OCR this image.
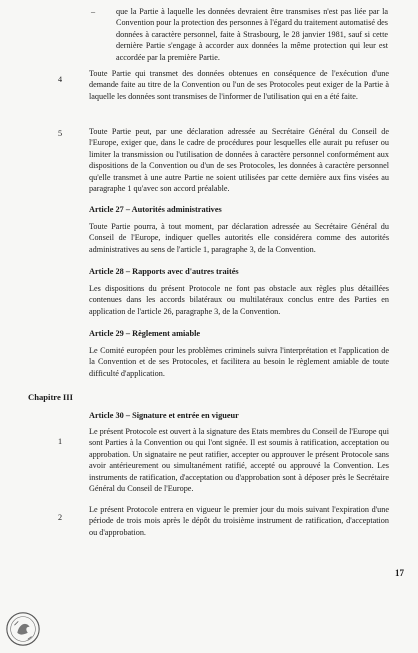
–	que la Partie à laquelle les données devraient être transmises n'est pas liée par la Convention pour la protection des personnes à l'égard du traitement automatisé des données à caractère personnel, faite à Strasbourg, le 28 janvier 1981, sauf si cette dernière Partie s'engage à accorder aux données la même protection qui leur est accordée par la première Partie.
4
Toute Partie qui transmet des données obtenues en conséquence de l'exécution d'une demande faite au titre de la Convention ou l'un de ses Protocoles peut exiger de la Partie à laquelle les données sont transmises de l'informer de l'utilisation qui en a été faite.
5	Toute Partie peut, par une déclaration adressée au Secrétaire Général du Conseil de l'Europe, exiger que, dans le cadre de procédures pour lesquelles elle aurait pu refuser ou limiter la transmission ou l'utilisation de données à caractère personnel conformément aux dispositions de la Convention ou d'un de ses Protocoles, les données à caractère personnel qu'elle transmet à une autre Partie ne soient utilisées par cette dernière aux fins visées au paragraphe 1 qu'avec son accord préalable.
Article 27 – Autorités administratives
Toute Partie pourra, à tout moment, par déclaration adressée au Secrétaire Général du Conseil de l'Europe, indiquer quelles autorités elle considérera comme des autorités administratives au sens de l'article 1, paragraphe 3, de la Convention.
Article 28 – Rapports avec d'autres traités
Les dispositions du présent Protocole ne font pas obstacle aux règles plus détaillées contenues dans les accords bilatéraux ou multilatéraux conclus entre des Parties en application de l'article 26, paragraphe 3, de la Convention.
Article 29 – Règlement amiable
Le Comité européen pour les problèmes criminels suivra l'interprétation et l'application de la Convention et de ses Protocoles, et facilitera au besoin le règlement amiable de toute difficulté d'application.
Chapitre III
Article 30 – Signature et entrée en vigueur
1
Le présent Protocole est ouvert à la signature des Etats membres du Conseil de l'Europe qui sont Parties à la Convention ou qui l'ont signée. Il est soumis à ratification, acceptation ou approbation. Un signataire ne peut ratifier, accepter ou approuver le présent Protocole sans avoir antérieurement ou simultanément ratifié, accepté ou approuvé la Convention. Les instruments de ratification, d'acceptation ou d'approbation sont à déposer près le Secrétaire Général du Conseil de l'Europe.
2
Le présent Protocole entrera en vigueur le premier jour du mois suivant l'expiration d'une période de trois mois après le dépôt du troisième instrument de ratification, d'acceptation ou d'approbation.
17
